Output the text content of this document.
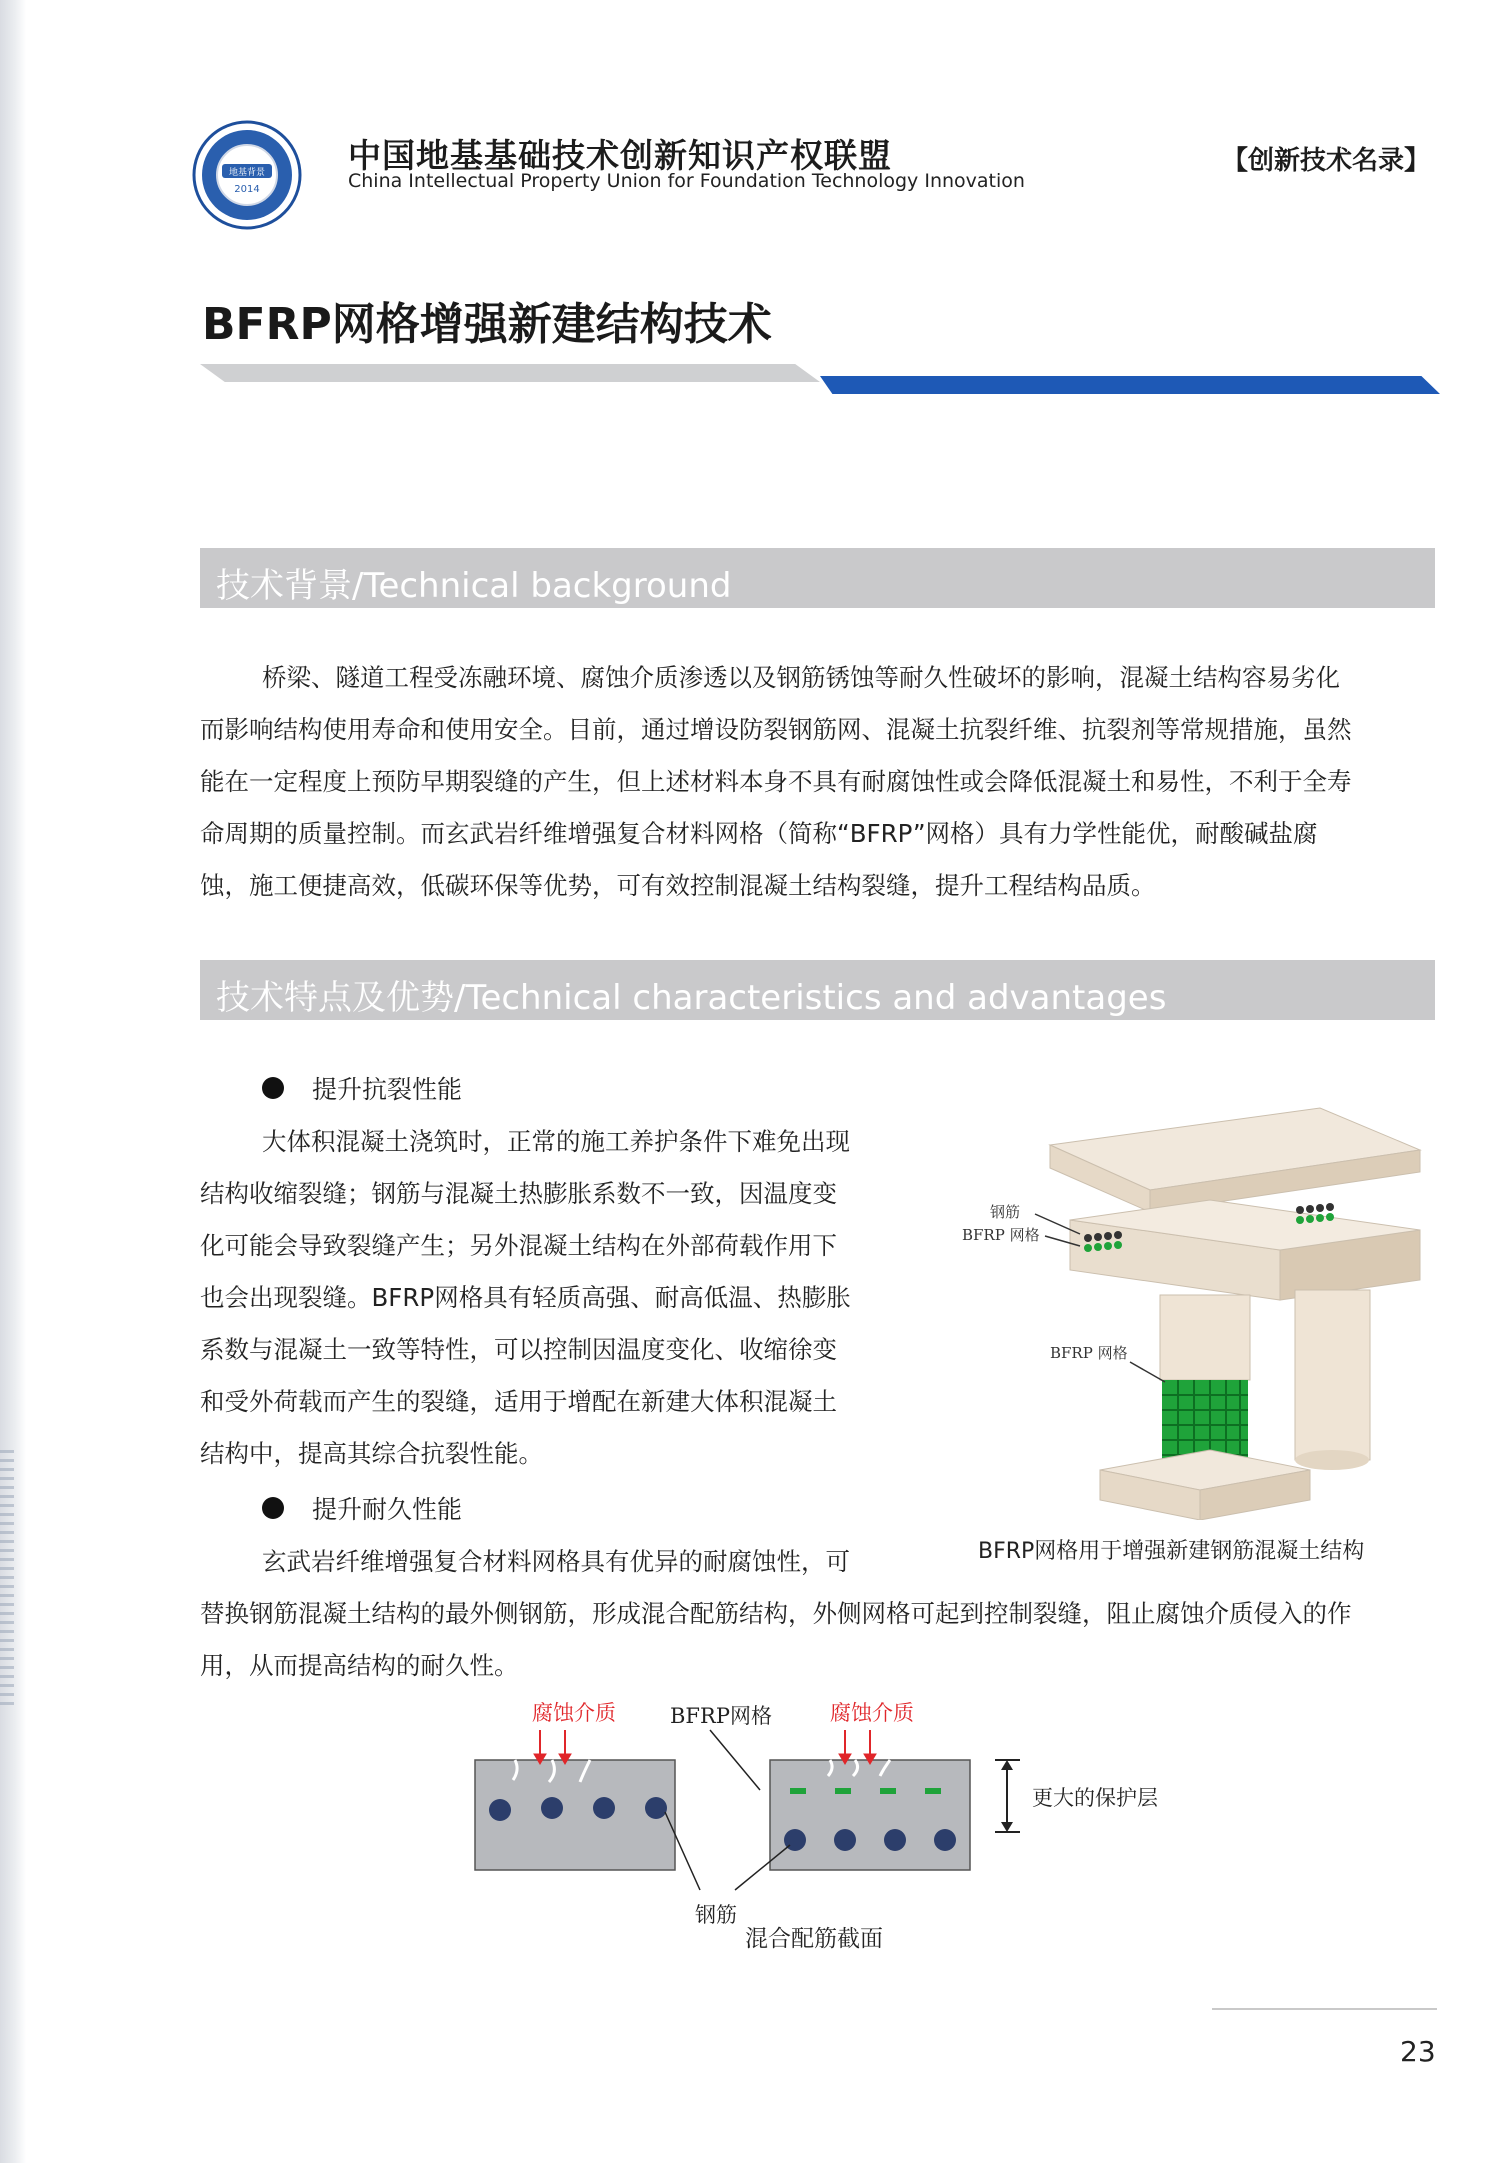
地基背景
2014
中国地基基础技术创新知识产权联盟
China Intellectual Property Union for Foundation Technology Innovation
【创新技术名录】
BFRP网格增强新建结构技术
技术背景/Technical background

桥梁、隧道工程受冻融环境、腐蚀介质渗透以及钢筋锈蚀等耐久性破坏的影响，混凝土结构容易劣化

而影响结构使用寿命和使用安全。目前，通过增设防裂钢筋网、混凝土抗裂纤维、抗裂剂等常规措施，虽然

能在一定程度上预防早期裂缝的产生，但上述材料本身不具有耐腐蚀性或会降低混凝土和易性，不利于全寿

命周期的质量控制。而玄武岩纤维增强复合材料网格（简称“BFRP”网格）具有力学性能优，耐酸碱盐腐

蚀，施工便捷高效，低碳环保等优势，可有效控制混凝土结构裂缝，提升工程结构品质。

技术特点及优势/Technical characteristics and advantages
提升抗裂性能

大体积混凝土浇筑时，正常的施工养护条件下难免出现

结构收缩裂缝；钢筋与混凝土热膨胀系数不一致，因温度变

化可能会导致裂缝产生；另外混凝土结构在外部荷载作用下

也会出现裂缝。BFRP网格具有轻质高强、耐高低温、热膨胀

系数与混凝土一致等特性，可以控制因温度变化、收缩徐变

和受外荷载而产生的裂缝，适用于增配在新建大体积混凝土

结构中，提高其综合抗裂性能。

提升耐久性能

玄武岩纤维增强复合材料网格具有优异的耐腐蚀性，可

替换钢筋混凝土结构的最外侧钢筋，形成混合配筋结构，外侧网格可起到控制裂缝，阻止腐蚀介质侵入的作

用，从而提高结构的耐久性。

钢筋
BFRP 网格
BFRP 网格
BFRP网格用于增强新建钢筋混凝土结构
腐蚀介质	BFRP网格	腐蚀介质
钢筋
更大的保护层
混合配筋截面
23
